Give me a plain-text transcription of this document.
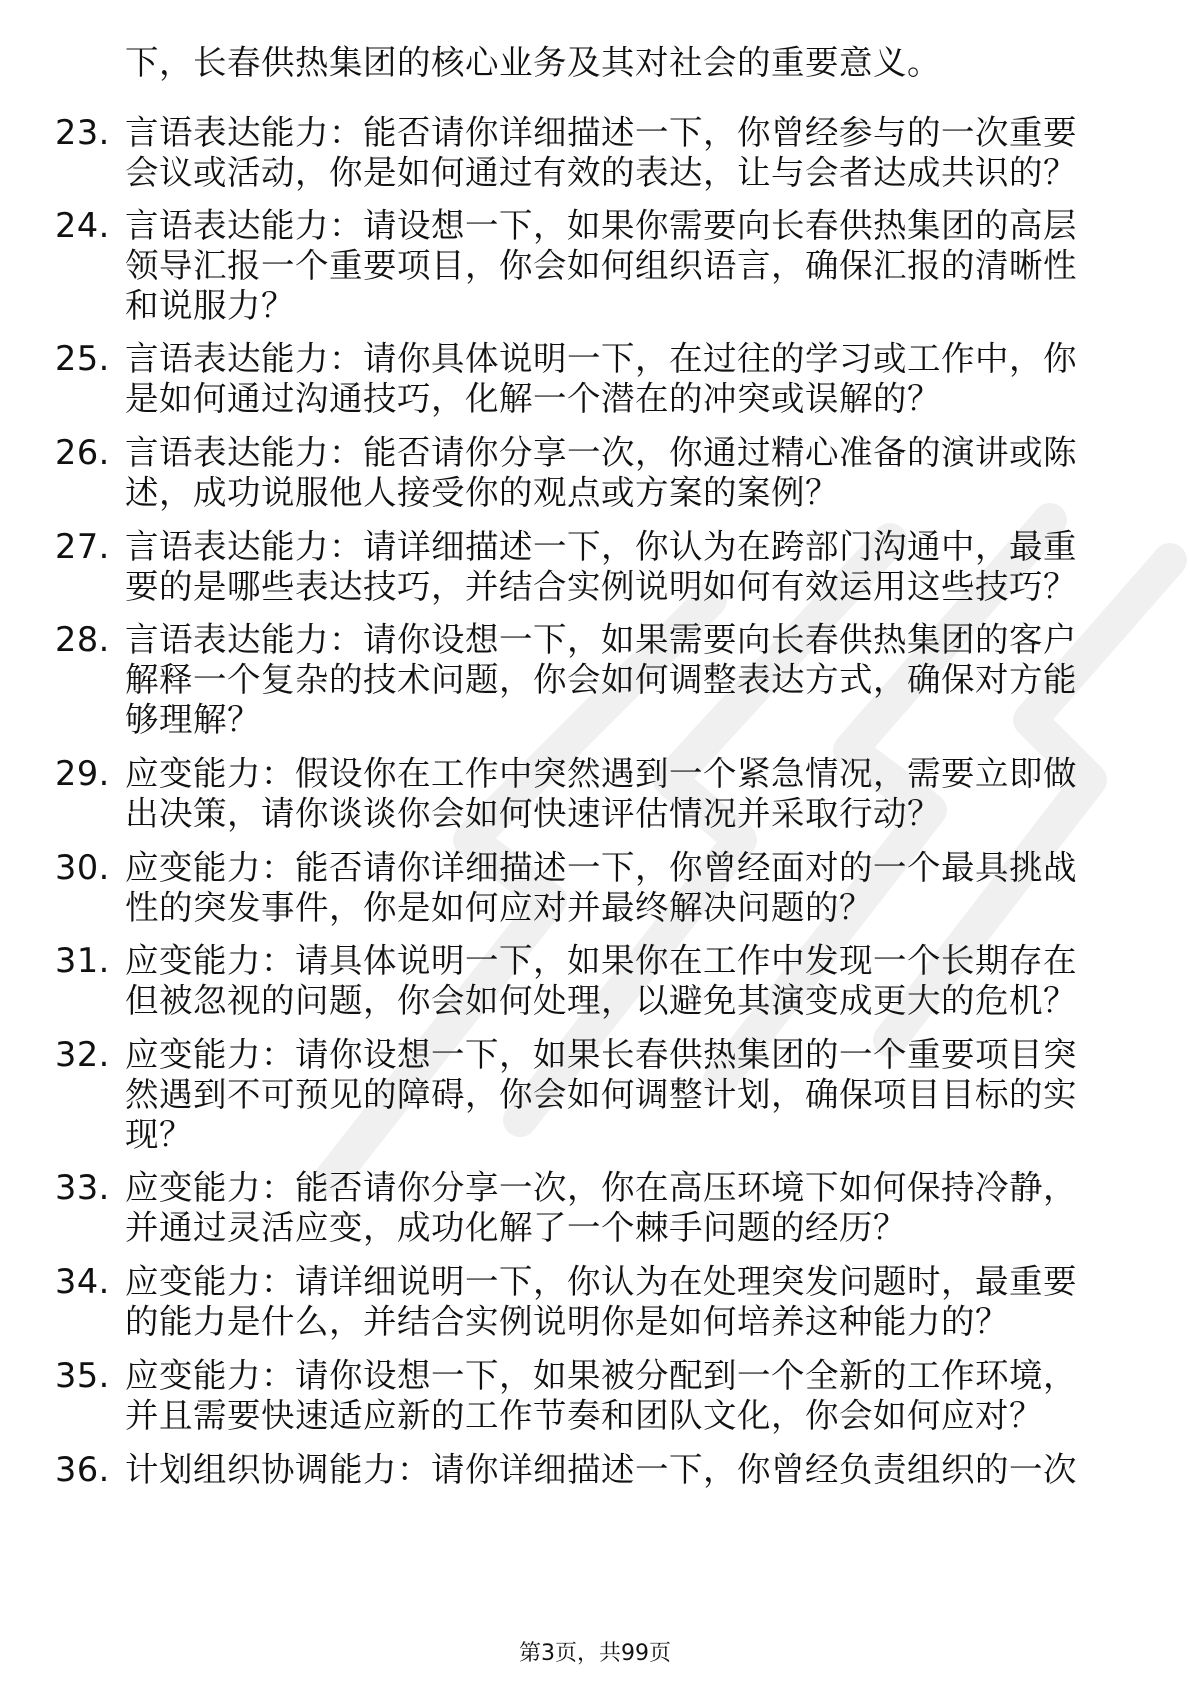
下，长春供热集团的核心业务及其对社会的重要意义。
23. 言语表达能力：能否请你详细描述一下，你曾经参与的一次重要
会议或活动，你是如何通过有效的表达，让与会者达成共识的？
24. 言语表达能力：请设想一下，如果你需要向长春供热集团的高层
领导汇报一个重要项目，你会如何组织语言，确保汇报的清晰性
和说服力？
25. 言语表达能力：请你具体说明一下，在过往的学习或工作中，你
是如何通过沟通技巧，化解一个潜在的冲突或误解的？
26. 言语表达能力：能否请你分享一次，你通过精心准备的演讲或陈
述，成功说服他人接受你的观点或方案的案例？
27. 言语表达能力：请详细描述一下，你认为在跨部门沟通中，最重
要的是哪些表达技巧，并结合实例说明如何有效运用这些技巧？
28. 言语表达能力：请你设想一下，如果需要向长春供热集团的客户
解释一个复杂的技术问题，你会如何调整表达方式，确保对方能
够理解？
29. 应变能力：假设你在工作中突然遇到一个紧急情况，需要立即做
出决策，请你谈谈你会如何快速评估情况并采取行动？
30. 应变能力：能否请你详细描述一下，你曾经面对的一个最具挑战
性的突发事件，你是如何应对并最终解决问题的？
31. 应变能力：请具体说明一下，如果你在工作中发现一个长期存在
但被忽视的问题，你会如何处理，以避免其演变成更大的危机？
32. 应变能力：请你设想一下，如果长春供热集团的一个重要项目突
然遇到不可预见的障碍，你会如何调整计划，确保项目目标的实
现？
33. 应变能力：能否请你分享一次，你在高压环境下如何保持冷静，
并通过灵活应变，成功化解了一个棘手问题的经历？
34. 应变能力：请详细说明一下，你认为在处理突发问题时，最重要
的能力是什么，并结合实例说明你是如何培养这种能力的？
35. 应变能力：请你设想一下，如果被分配到一个全新的工作环境，
并且需要快速适应新的工作节奏和团队文化，你会如何应对？
36. 计划组织协调能力：请你详细描述一下，你曾经负责组织的一次
第3页，共99页
